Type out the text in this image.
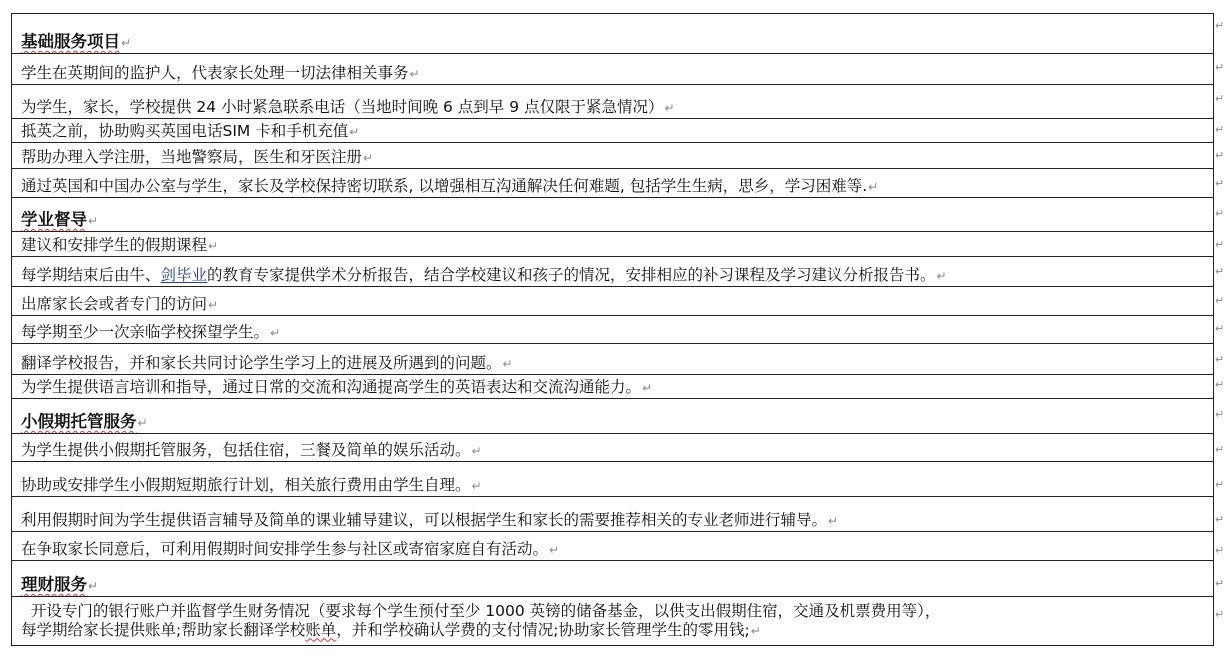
基础服务项目↵
学生在英期间的监护人，代表家长处理一切法律相关事务↵
为学生，家长，学校提供 24 小时紧急联系电话（当地时间晚 6 点到早 9 点仅限于紧急情况）↵
抵英之前，协助购买英国电话SIM 卡和手机充值↵
帮助办理入学注册，当地警察局，医生和牙医注册↵
通过英国和中国办公室与学生，家长及学校保持密切联系, 以增强相互沟通解决任何难题, 包括学生生病，思乡，学习困难等.↵
学业督导↵
建议和安排学生的假期课程↵
每学期结束后由牛、剑毕业的教育专家提供学术分析报告，结合学校建议和孩子的情况，安排相应的补习课程及学习建议分析报告书。↵
出席家长会或者专门的访问↵
每学期至少一次亲临学校探望学生。↵
翻译学校报告，并和家长共同讨论学生学习上的进展及所遇到的问题。↵
为学生提供语言培训和指导，通过日常的交流和沟通提高学生的英语表达和交流沟通能力。↵
小假期托管服务↵
为学生提供小假期托管服务，包括住宿，三餐及简单的娱乐活动。↵
协助或安排学生小假期短期旅行计划，相关旅行费用由学生自理。↵
利用假期时间为学生提供语言辅导及简单的课业辅导建议，可以根据学生和家长的需要推荐相关的专业老师进行辅导。↵
在争取家长同意后，可利用假期时间安排学生参与社区或寄宿家庭自有活动。↵
理财服务↵

开设专门的银行账户并监督学生财务情况（要求每个学生预付至少 1000 英镑的储备基金，以供支出假期住宿，交通及机票费用等），
每学期给家长提供账单;帮助家长翻译学校账单，并和学校确认学费的支付情况;协助家长管理学生的零用钱;↵
↵
↵
↵
↵
↵
↵
↵
↵
↵
↵
↵
↵
↵
↵
↵
↵
↵
↵
↵
↵
